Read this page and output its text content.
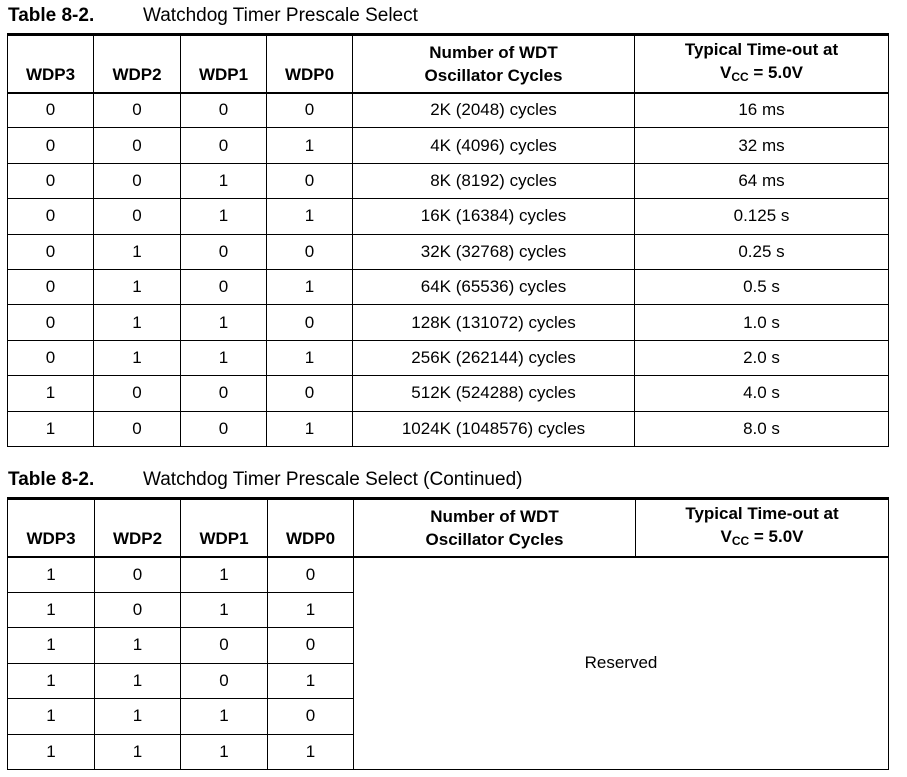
Table 8-2.	Watchdog Timer Prescale Select
WDP3	WDP2	WDP1	WDP0	Number of WDT Oscillator Cycles	Typical Time-out at
$V_{CC} = 5.0V$

0	0	0	0	2K (2048) cycles	16 ms
0	0	0	1	4K (4096) cycles	32 ms
0	0	1	0	8K (8192) cycles	64 ms
0	0	1	1	16K (16384) cycles	0.125 s
0	1	0	0	32K (32768) cycles	0.25 s
0	1	0	1	64K (65536) cycles	0.5 s
0	1	1	0	128K (131072) cycles	1.0 s
0	1	1	1	256K (262144) cycles	2.0 s
1	0	0	0	512K (524288) cycles	4.0 s
1	0	0	1	1024K (1048576) cycles	8.0 s
Table 8-2.	Watchdog Timer Prescale Select (Continued)
WDP3	WDP2	WDP1	WDP0	Number of WDT Oscillator Cycles	Typical Time-out at
$V_{CC} = 5.0V$

1	0	1	0	Reserved	
1	0	1	1		
1	1	0	0		
1	1	0	1		
1	1	1	0		
1	1	1	1		
